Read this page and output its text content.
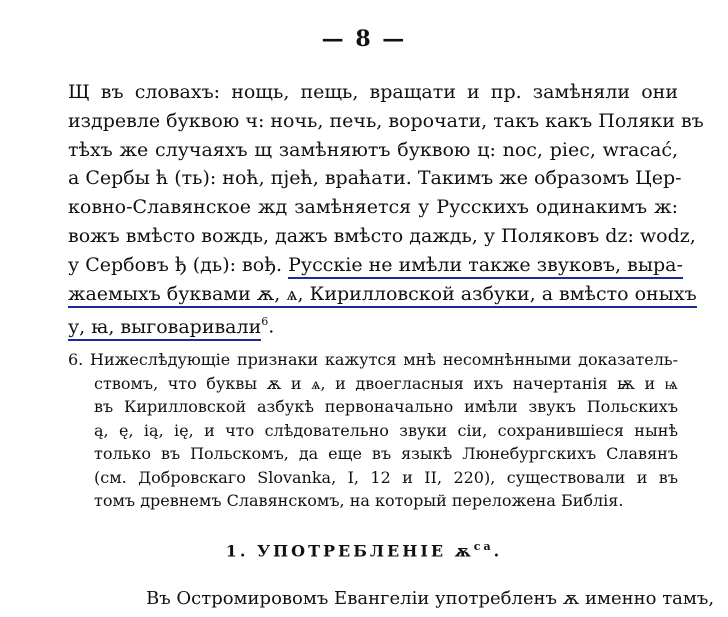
— 8 —
Щ въ словахъ: нощь, пещь, вращати и пр. замѣняли они
издревле буквою ч: ночь, печь, ворочати, такъ какъ Поляки въ
тѣхъ же случаяхъ щ замѣняютъ буквою ц: noc, piec, wracać,
а Сербы ћ (ть): ноћ, пјећ, враћати. Такимъ же образомъ Цер-
ковно-Славянское жд замѣняется у Русскихъ одинакимъ ж:
вожъ вмѣсто вождь, дажъ вмѣсто даждь, у Поляковъ dz: wodz,
у Сербовъ ђ (дь): вођ. Русскіе не имѣли также звуковъ, выра-
жаемыхъ буквами ѫ, ѧ, Кирилловской азбуки, а вмѣсто оныхъ
у, ꙗ, выговаривали$^6$.
6. Нижеслѣдующіе признаки кажутся мнѣ несомнѣнными доказатель-
ствомъ, что буквы ѫ и ѧ, и двоегласныя ихъ начертанія ѭ и ѩ
въ Кирилловской азбукѣ первоначально имѣли звукъ Польскихъ
ą, ę, ią, ię, и что слѣдовательно звуки сіи, сохранившіеся нынѣ
только въ Польскомъ, да еще въ языкѣ Люнебургскихъ Славянъ
(см. Добровскаго Slovanka, I, 12 и II, 220), существовали и въ
томъ древнемъ Славянскомъ, на который переложена Библія.
1. УПОТРЕБЛЕНІЕ $ѫ^{са}$.
Въ Остромировомъ Евангеліи употребленъ ѫ именно тамъ,
